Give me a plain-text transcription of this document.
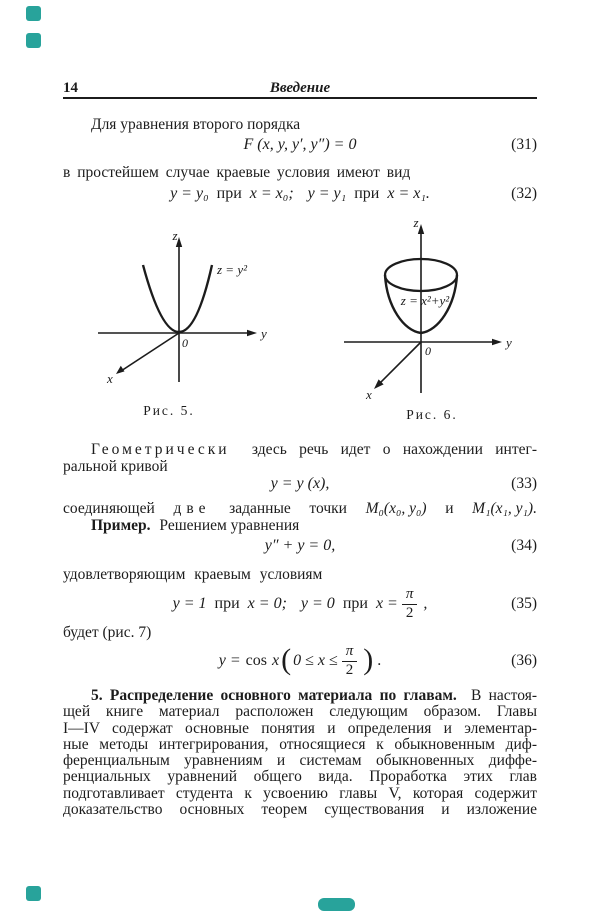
14	Введение
Для уравнения второго порядка
F (x, y, y′, y″) = 0	(31)
в простейшем случае краевые условия имеют вид
y = y₀ при x = x₀; y = y₁ при x = x₁.	(32)
z
y
x
0
z = y²
Рис. 5.
z
y
x
0
z = x²+y²
Рис. 6.
Геометрически здесь речь идет о нахождении интег-
ральной кривой
y = y (x),	(33)
соединяющей две заданные точки M₀(x₀, y₀) и M₁(x₁, y₁).
Пример. Решением уравнения
y″ + y = 0,	(34)
удовлетворяющим краевым условиям
y = 1 при x = 0; y = 0 при $x = \frac{\pi}{2}$ ,	(35)
будет (рис. 7)
y = cos x ( $0 \le x \le \frac{\pi}{2}$ ) .	(36)
5. Распределение основного материала по главам. В настоя-
щей книге материал расположен следующим образом. Главы
I—IV содержат основные понятия и определения и элементар-
ные методы интегрирования, относящиеся к обыкновенным диф-
ференциальным уравнениям и системам обыкновенных диффе-
ренциальных уравнений общего вида. Проработка этих глав
подготавливает студента к усвоению главы V, которая содержит
доказательство основных теорем существования и изложение
